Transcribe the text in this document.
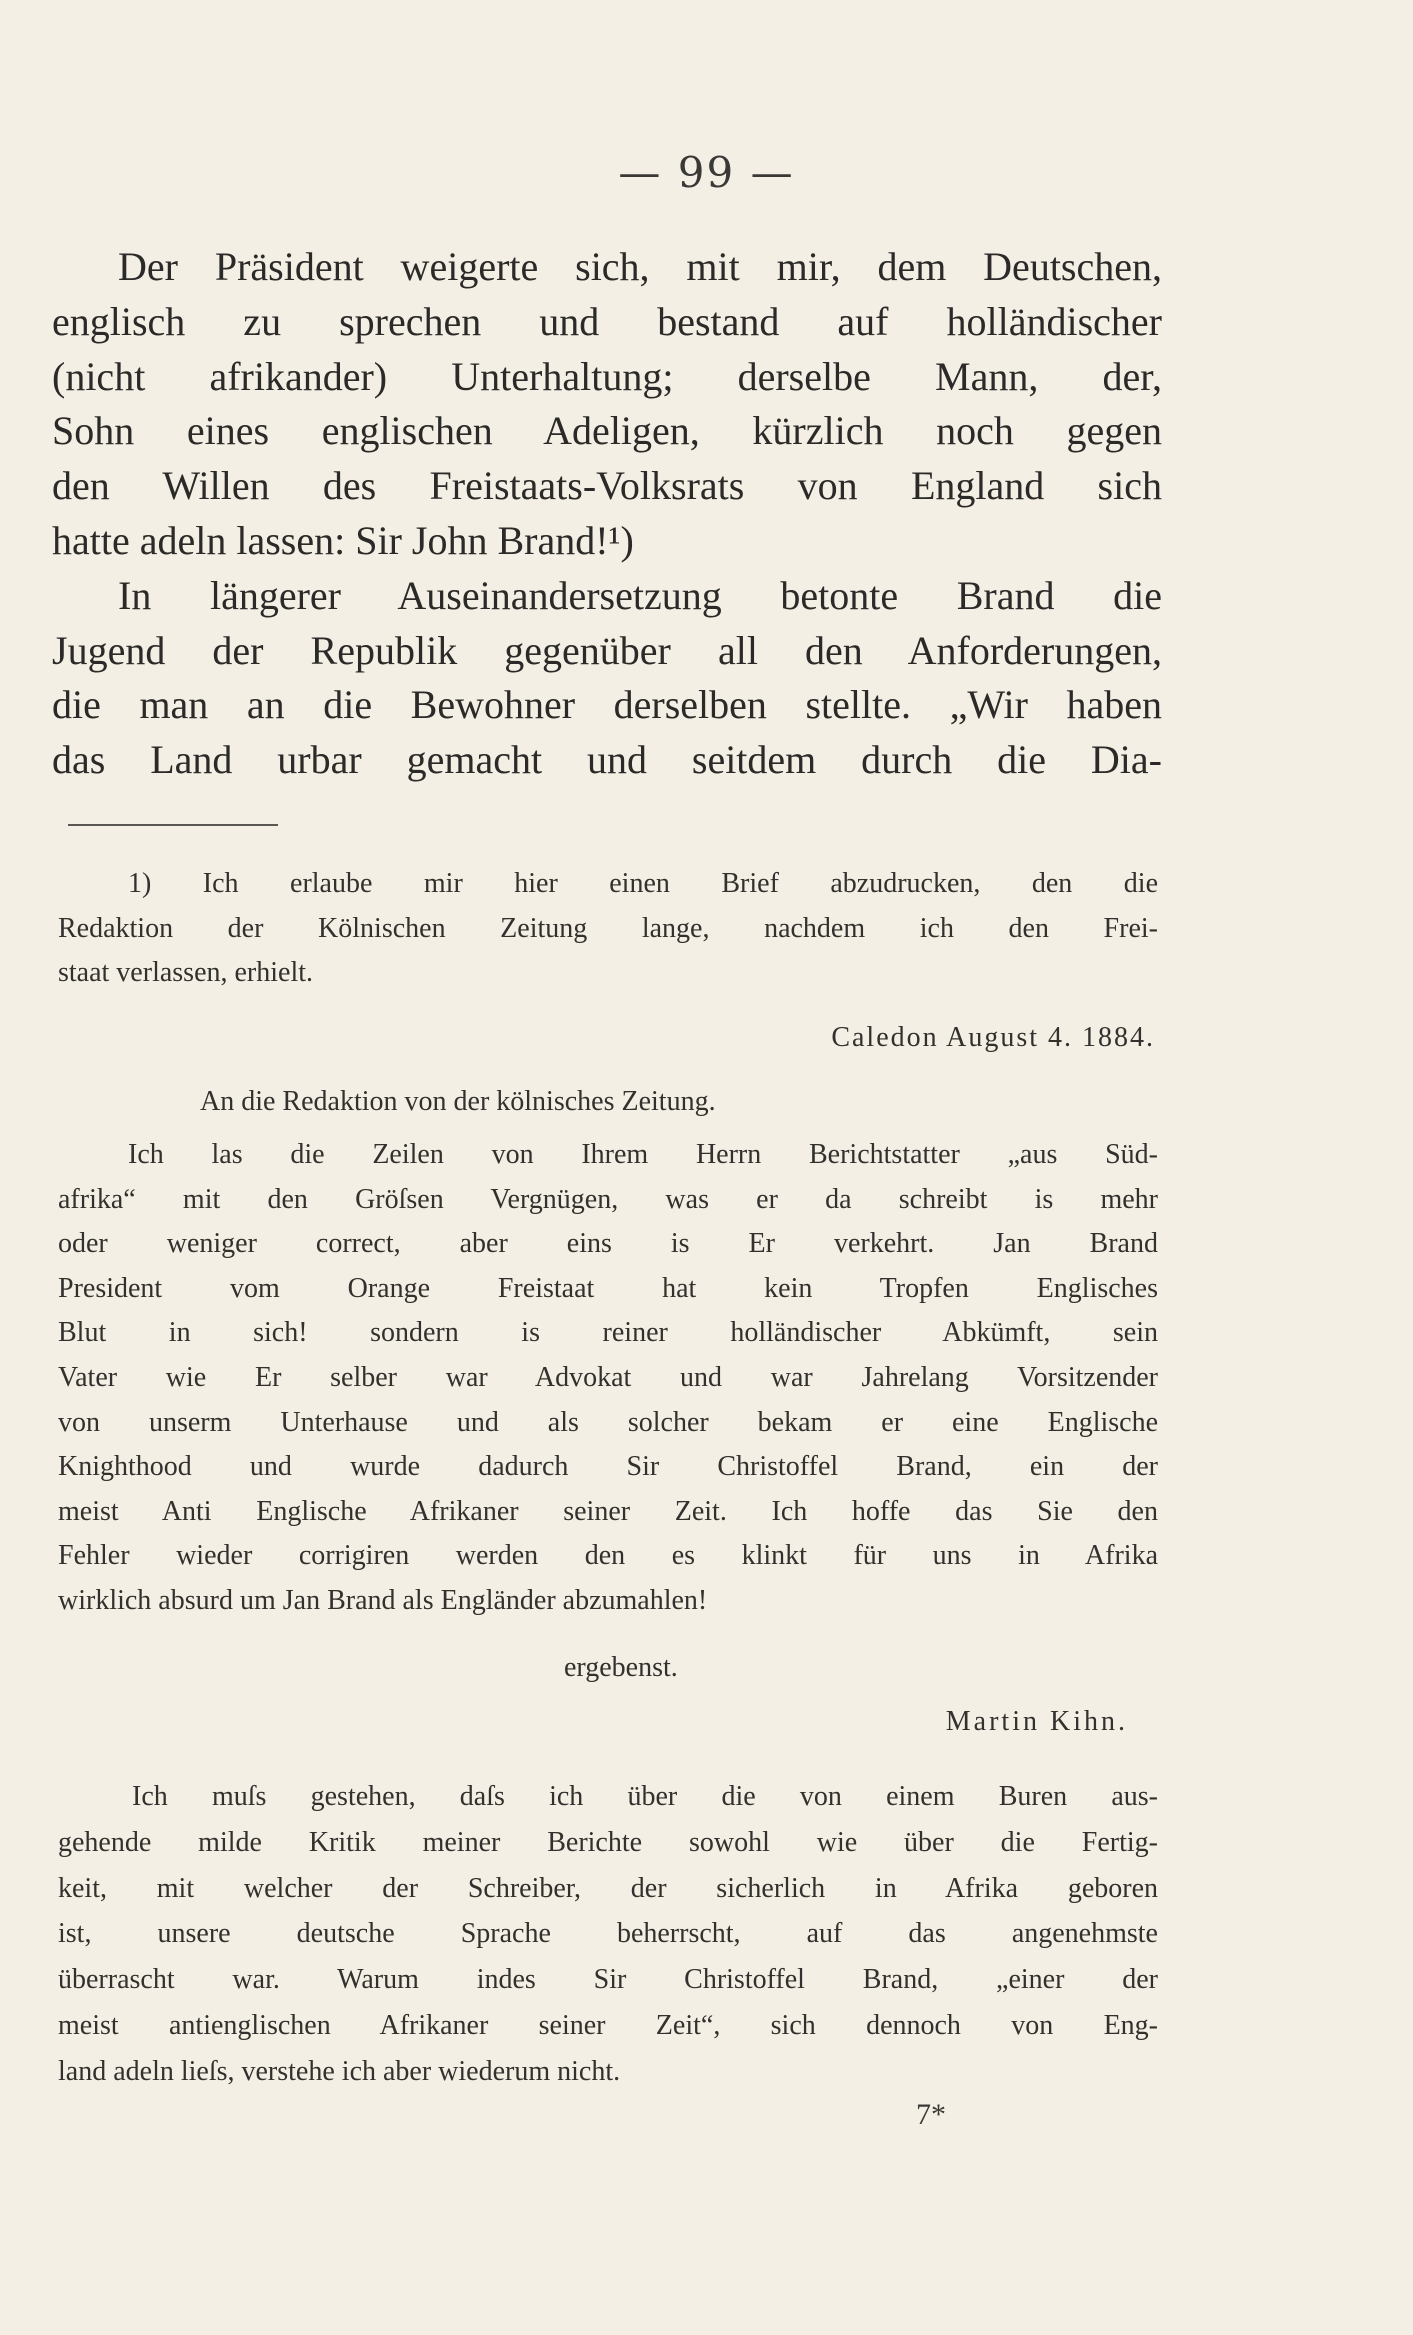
— 99 —
Der Präsident weigerte sich, mit mir, dem Deutschen,
englisch zu sprechen und bestand auf holländischer
(nicht afrikander) Unterhaltung; derselbe Mann, der,
Sohn eines englischen Adeligen, kürzlich noch gegen
den Willen des Freistaats-Volksrats von England sich
hatte adeln lassen: Sir John Brand!¹)
In längerer Auseinandersetzung betonte Brand die
Jugend der Republik gegenüber all den Anforderungen,
die man an die Bewohner derselben stellte. „Wir haben
das Land urbar gemacht und seitdem durch die Dia-
1) Ich erlaube mir hier einen Brief abzudrucken, den die
Redaktion der Kölnischen Zeitung lange, nachdem ich den Frei-
staat verlassen, erhielt.
Caledon August 4. 1884.
An die Redaktion von der kölnisches Zeitung.
Ich las die Zeilen von Ihrem Herrn Berichtstatter „aus Süd-
afrika“ mit den Gröſsen Vergnügen, was er da schreibt is mehr
oder weniger correct, aber eins is Er verkehrt. Jan Brand
President vom Orange Freistaat hat kein Tropfen Englisches
Blut in sich! sondern is reiner holländischer Abkümft, sein
Vater wie Er selber war Advokat und war Jahrelang Vorsitzender
von unserm Unterhause und als solcher bekam er eine Englische
Knighthood und wurde dadurch Sir Christoffel Brand, ein der
meist Anti Englische Afrikaner seiner Zeit. Ich hoffe das Sie den
Fehler wieder corrigiren werden den es klinkt für uns in Afrika
wirklich absurd um Jan Brand als Engländer abzumahlen!
ergebenst.
Martin Kihn.
Ich muſs gestehen, daſs ich über die von einem Buren aus-
gehende milde Kritik meiner Berichte sowohl wie über die Fertig-
keit, mit welcher der Schreiber, der sicherlich in Afrika geboren
ist, unsere deutsche Sprache beherrscht, auf das angenehmste
überrascht war. Warum indes Sir Christoffel Brand, „einer der
meist antienglischen Afrikaner seiner Zeit“, sich dennoch von Eng-
land adeln lieſs, verstehe ich aber wiederum nicht.
7*
